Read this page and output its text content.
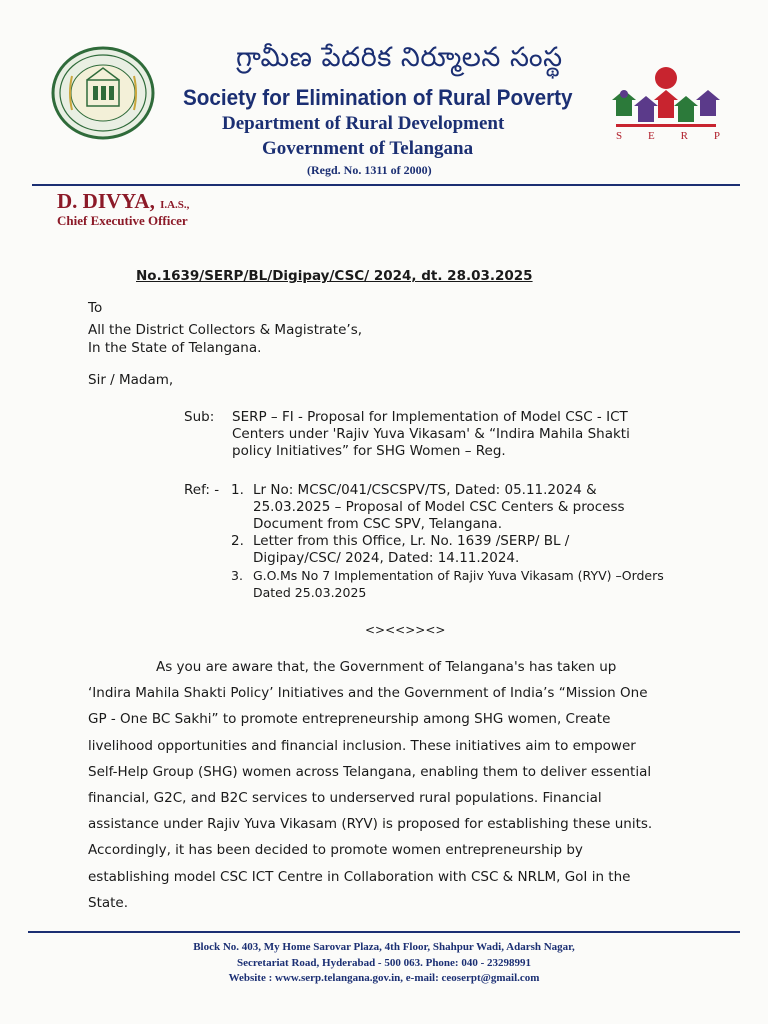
గ్రామీణ పేదరిక నిర్మూలన సంస్థ
Society for Elimination of Rural Poverty
Department of Rural Development
Government of Telangana
(Regd. No. 1311 of 2000)
S E R P
D. DIVYA, I.A.S.,
Chief Executive Officer
No.1639/SERP/BL/Digipay/CSC/ 2024, dt. 28.03.2025
To
All the District Collectors & Magistrate’s,
In the State of Telangana.
Sir / Madam,
Sub: SERP – FI - Proposal for Implementation of Model CSC - ICT
Centers under 'Rajiv Yuva Vikasam' & “Indira Mahila Shakti
policy Initiatives” for SHG Women – Reg.
Ref: - 1. Lr No: MCSC/041/CSCSPV/TS, Dated: 05.11.2024 &
25.03.2025 – Proposal of Model CSC Centers & process
Document from CSC SPV, Telangana.
2. Letter from this Office, Lr. No. 1639 /SERP/ BL /
Digipay/CSC/ 2024, Dated: 14.11.2024.
3. G.O.Ms No 7 Implementation of Rajiv Yuva Vikasam (RYV) –Orders
Dated 25.03.2025
<><<>><>
As you are aware that, the Government of Telangana's has taken up
‘Indira Mahila Shakti Policy’ Initiatives and the Government of India’s “Mission One
GP - One BC Sakhi” to promote entrepreneurship among SHG women, Create
livelihood opportunities and financial inclusion. These initiatives aim to empower
Self-Help Group (SHG) women across Telangana, enabling them to deliver essential
financial, G2C, and B2C services to underserved rural populations. Financial
assistance under Rajiv Yuva Vikasam (RYV) is proposed for establishing these units.
Accordingly, it has been decided to promote women entrepreneurship by
establishing model CSC ICT Centre in Collaboration with CSC & NRLM, GoI in the
State.
Block No. 403, My Home Sarovar Plaza, 4th Floor, Shahpur Wadi, Adarsh Nagar,
Secretariat Road, Hyderabad - 500 063. Phone: 040 - 23298991
Website : www.serp.telangana.gov.in, e-mail: ceoserpt@gmail.com
